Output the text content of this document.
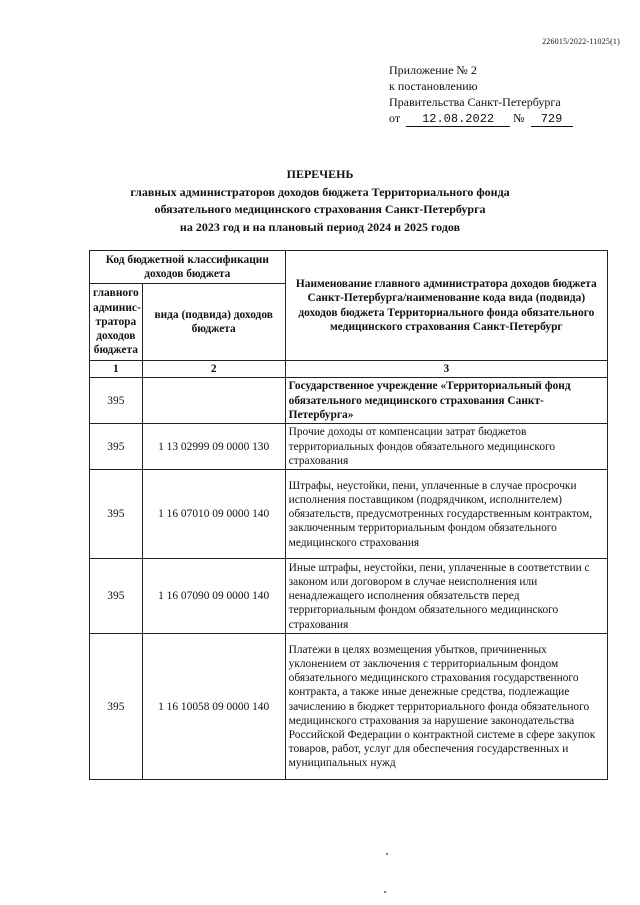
226015/2022-11025(1)
Приложение № 2
к постановлению
Правительства Санкт-Петербурга
от 12.08.2022 № 729
ПЕРЕЧЕНЬ
главных администраторов доходов бюджета Территориального фонда
обязательного медицинского страхования Санкт-Петербурга
на 2023 год и на плановый период 2024 и 2025 годов
Код бюджетной классификации доходов бюджета		Наименование главного администратора доходов бюджета Санкт-Петербурга/наименование кода вида (подвида) доходов бюджета Территориального фонда обязательного медицинского страхования Санкт-Петербург
главного админис-тратора доходов бюджета	вида (подвида) доходов бюджета	
1	2	3
395		Государственное учреждение «Территориальный фонд обязательного медицинского страхования Санкт-Петербурга»
395	1 13 02999 09 0000 130	Прочие доходы от компенсации затрат бюджетов территориальных фондов обязательного медицинского страхования
395	1 16 07010 09 0000 140	Штрафы, неустойки, пени, уплаченные в случае просрочки исполнения поставщиком (подрядчиком, исполнителем) обязательств, предусмотренных государственным контрактом, заключенным территориальным фондом обязательного медицинского страхования
395	1 16 07090 09 0000 140	Иные штрафы, неустойки, пени, уплаченные в соответствии с законом или договором в случае неисполнения или ненадлежащего исполнения обязательств перед территориальным фондом обязательного медицинского страхования
395	1 16 10058 09 0000 140	Платежи в целях возмещения убытков, причиненных уклонением от заключения с территориальным фондом обязательного медицинского страхования государственного контракта, а также иные денежные средства, подлежащие зачислению в бюджет территориального фонда обязательного медицинского страхования за нарушение законодательства Российской Федерации о контрактной системе в сфере закупок товаров, работ, услуг для обеспечения государственных и муниципальных нужд
